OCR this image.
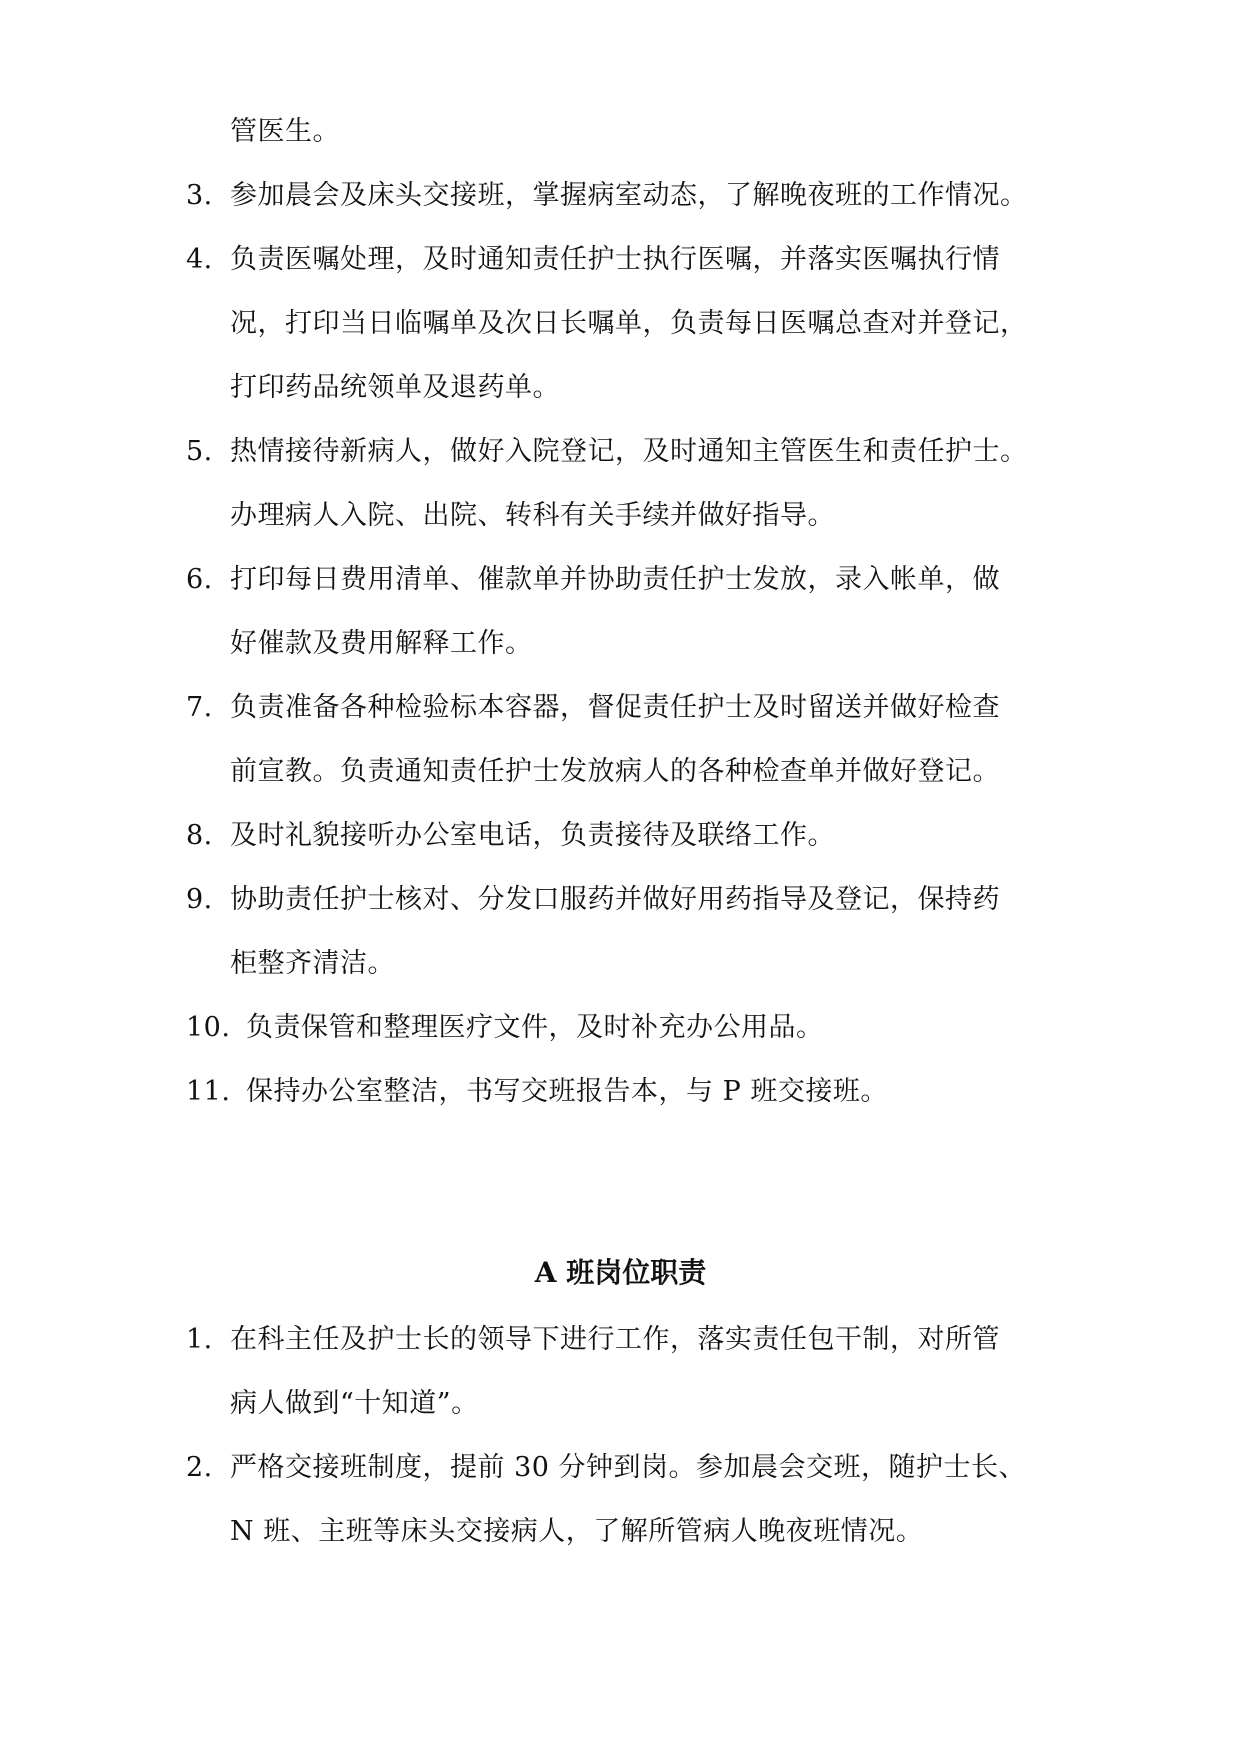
管医生。
3. 参加晨会及床头交接班，掌握病室动态，了解晚夜班的工作情况。
4. 负责医嘱处理，及时通知责任护士执行医嘱，并落实医嘱执行情
况，打印当日临嘱单及次日长嘱单，负责每日医嘱总查对并登记，
打印药品统领单及退药单。
5. 热情接待新病人，做好入院登记，及时通知主管医生和责任护士。
办理病人入院、出院、转科有关手续并做好指导。
6. 打印每日费用清单、催款单并协助责任护士发放，录入帐单，做
好催款及费用解释工作。
7. 负责准备各种检验标本容器，督促责任护士及时留送并做好检查
前宣教。负责通知责任护士发放病人的各种检查单并做好登记。
8. 及时礼貌接听办公室电话，负责接待及联络工作。
9. 协助责任护士核对、分发口服药并做好用药指导及登记，保持药
柜整齐清洁。
10. 负责保管和整理医疗文件，及时补充办公用品。
11. 保持办公室整洁，书写交班报告本，与 P 班交接班。
A 班岗位职责
1. 在科主任及护士长的领导下进行工作，落实责任包干制，对所管
病人做到“十知道”。
2. 严格交接班制度，提前 30 分钟到岗。参加晨会交班，随护士长、
N 班、主班等床头交接病人，了解所管病人晚夜班情况。
